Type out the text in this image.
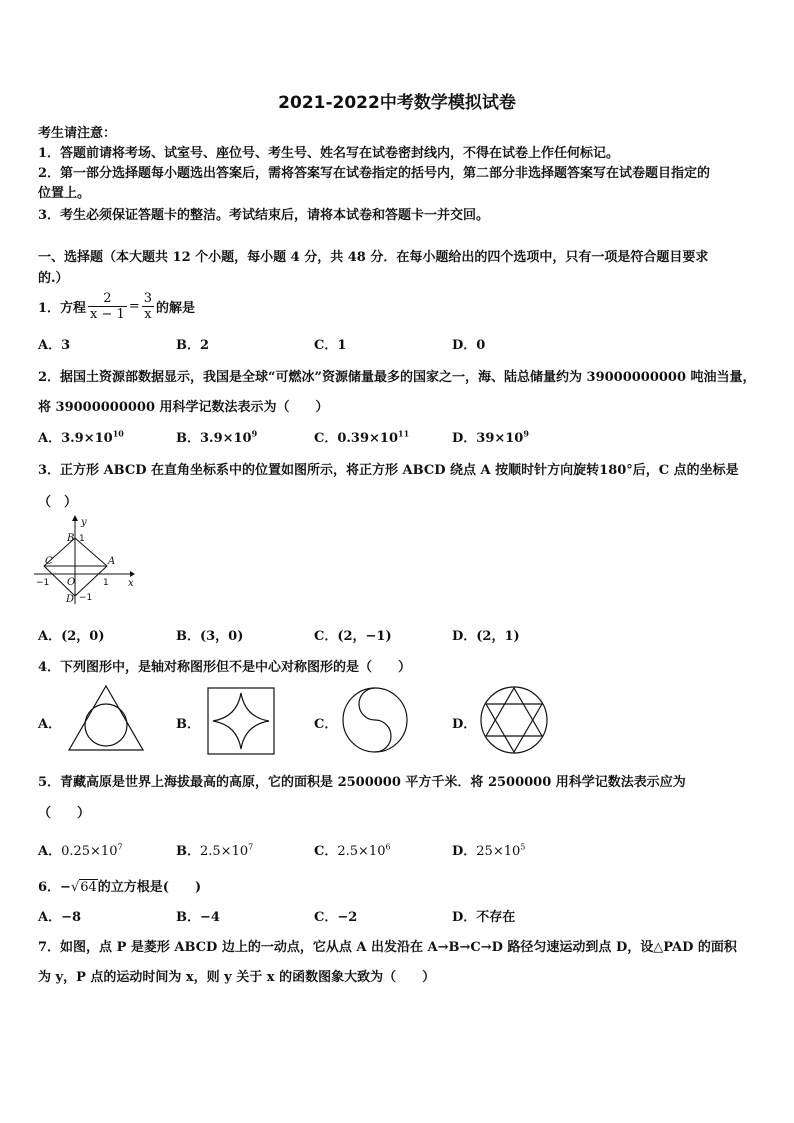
2021-2022中考数学模拟试卷
考生请注意：
1．答题前请将考场、试室号、座位号、考生号、姓名写在试卷密封线内，不得在试卷上作任何标记。
2．第一部分选择题每小题选出答案后，需将答案写在试卷指定的括号内，第二部分非选择题答案写在试卷题目指定的
位置上。
3．考生必须保证答题卡的整洁。考试结束后，请将本试卷和答题卡一并交回。
一、选择题（本大题共 12 个小题，每小题 4 分，共 48 分．在每小题给出的四个选项中，只有一项是符合题目要求
的.）
1．方程 $\frac{2}{x - 1} = \frac{3}{x}$ 的解是
A．3	B．2	C．1	D．0
2．据国土资源部数据显示，我国是全球“可燃冰”资源储量最多的国家之一，海、陆总储量约为 39000000000 吨油当量，
将 39000000000 用科学记数法表示为（　　）
A．$3.9\times 10^{10}$	B．$3.9\times 10^9$	C．$0.39\times 10^{11}$	D．$39\times 10^9$
3．正方形 ABCD 在直角坐标系中的位置如图所示，将正方形 ABCD 绕点 A 按顺时针方向旋转180°后，C 点的坐标是
（　）
y
x
B
A
C
O
D
1
1
−1
−1
A．(2，0)	B．(3，0)	C．(2，−1)	D．(2，1)
4．下列图形中，是轴对称图形但不是中心对称图形的是（　　）
A．	B．	C．	D．
5．青藏高原是世界上海拔最高的高原，它的面积是 2500000 平方千米．将 2500000 用科学记数法表示应为
（　　）
A．$0.25\times 10^7$	B．$2.5\times 10^7$	C．$2.5\times 10^6$	D．$25\times 10^5$
6．−√64的立方根是(　　)
A．−8	B．−4	C．−2	D．不存在
7．如图，点 P 是菱形 ABCD 边上的一动点，它从点 A 出发沿在 A→B→C→D 路径匀速运动到点 D，设△PAD 的面积
为 y，P 点的运动时间为 x，则 y 关于 x 的函数图象大致为（　　）
